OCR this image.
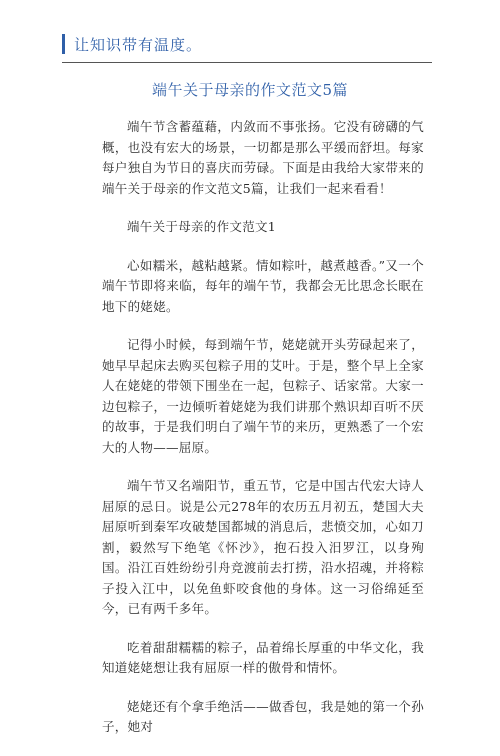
让知识带有温度。
端午关于母亲的作文范文5篇

端午节含蓄蕴藉，内敛而不事张扬。它没有磅礴的气概，也没有宏大的场景，一切都是那么平缓而舒坦。每家每户独自为节日的喜庆而劳碌。下面是由我给大家带来的端午关于母亲的作文范文5篇，让我们一起来看看！

端午关于母亲的作文范文1

心如糯米，越粘越紧。情如粽叶，越煮越香。”又一个端午节即将来临，每年的端午节，我都会无比思念长眠在地下的姥姥。

记得小时候，每到端午节，姥姥就开头劳碌起来了，她早早起床去购买包粽子用的艾叶。于是，整个早上全家人在姥姥的带领下围坐在一起，包粽子、话家常。大家一边包粽子，一边倾听着姥姥为我们讲那个熟识却百听不厌的故事，于是我们明白了端午节的来历，更熟悉了一个宏大的人物——屈原。

端午节又名端阳节，重五节，它是中国古代宏大诗人屈原的忌日。说是公元278年的农历五月初五，楚国大夫屈原听到秦军攻破楚国都城的消息后，悲愤交加，心如刀割，毅然写下绝笔《怀沙》，抱石投入汨罗江，以身殉国。沿江百姓纷纷引舟竞渡前去打捞，沿水招魂，并将粽子投入江中，以免鱼虾咬食他的身体。这一习俗绵延至今，已有两千多年。

吃着甜甜糯糯的粽子，品着绵长厚重的中华文化，我知道姥姥想让我有屈原一样的傲骨和情怀。

姥姥还有个拿手绝活——做香包，我是她的第一个孙子，她对
